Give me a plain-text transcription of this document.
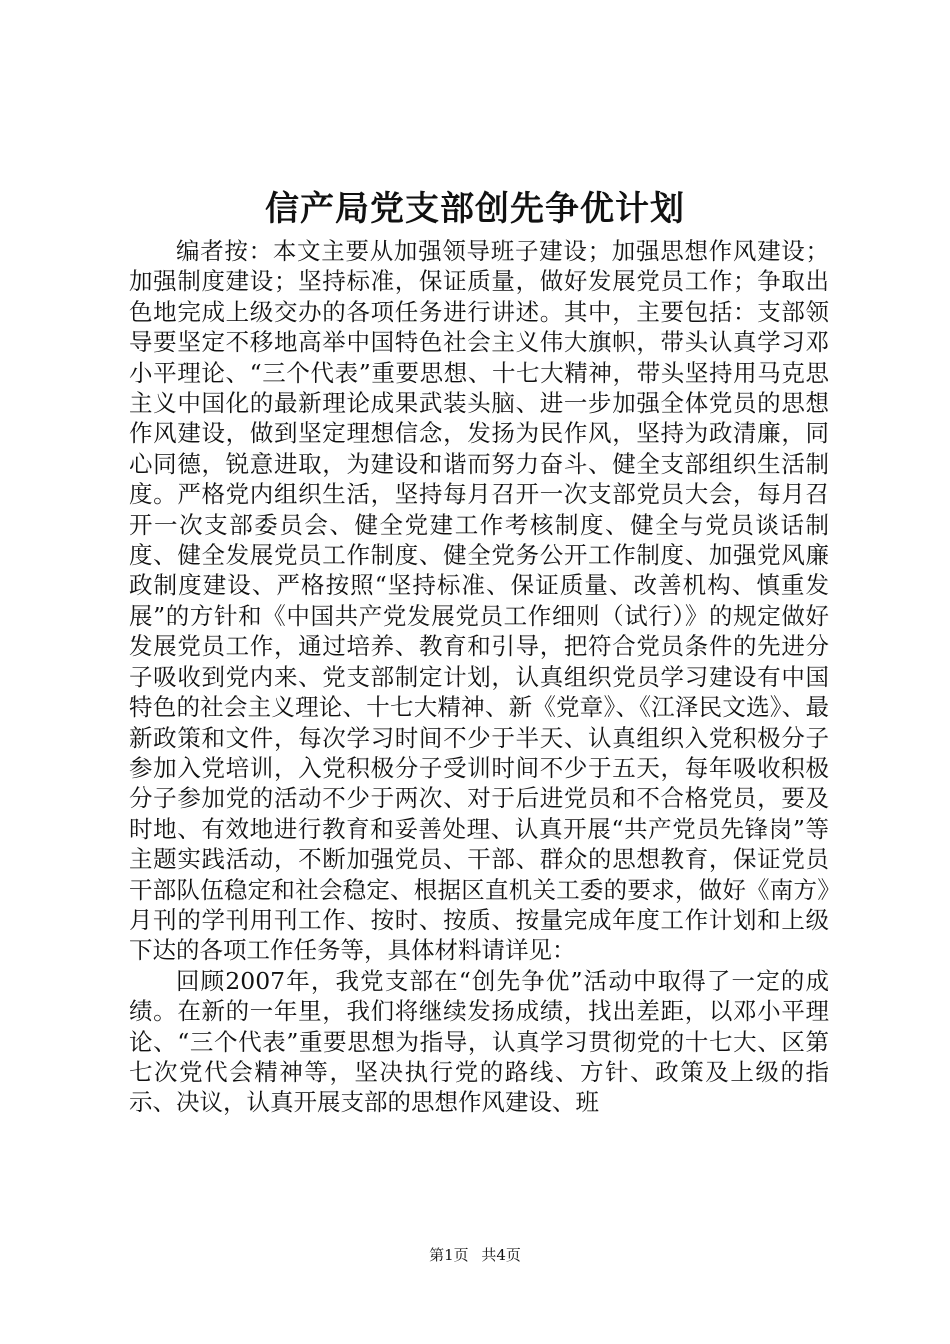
信产局党支部创先争优计划

编者按：本文主要从加强领导班子建设；加强思想作风建设；加强制度建设；坚持标准，保证质量，做好发展党员工作；争取出色地完成上级交办的各项任务进行讲述。其中，主要包括：支部领导要坚定不移地高举中国特色社会主义伟大旗帜，带头认真学习邓小平理论、“三个代表”重要思想、十七大精神，带头坚持用马克思主义中国化的最新理论成果武装头脑、进一步加强全体党员的思想作风建设，做到坚定理想信念，发扬为民作风，坚持为政清廉，同心同德，锐意进取，为建设和谐而努力奋斗、健全支部组织生活制度。严格党内组织生活，坚持每月召开一次支部党员大会，每月召开一次支部委员会、健全党建工作考核制度、健全与党员谈话制度、健全发展党员工作制度、健全党务公开工作制度、加强党风廉政制度建设、严格按照“坚持标准、保证质量、改善机构、慎重发展”的方针和《中国共产党发展党员工作细则（试行）》的规定做好发展党员工作，通过培养、教育和引导，把符合党员条件的先进分子吸收到党内来、党支部制定计划，认真组织党员学习建设有中国特色的社会主义理论、十七大精神、新《党章》、《江泽民文选》、最新政策和文件，每次学习时间不少于半天、认真组织入党积极分子参加入党培训，入党积极分子受训时间不少于五天，每年吸收积极分子参加党的活动不少于两次、对于后进党员和不合格党员，要及时地、有效地进行教育和妥善处理、认真开展“共产党员先锋岗”等主题实践活动，不断加强党员、干部、群众的思想教育，保证党员干部队伍稳定和社会稳定、根据区直机关工委的要求，做好《南方》月刊的学刊用刊工作、按时、按质、按量完成年度工作计划和上级下达的各项工作任务等，具体材料请详见：

回顾2007年，我党支部在“创先争优”活动中取得了一定的成绩。在新的一年里，我们将继续发扬成绩，找出差距，以邓小平理论、“三个代表”重要思想为指导，认真学习贯彻党的十七大、区第七次党代会精神等，坚决执行党的路线、方针、政策及上级的指示、决议，认真开展支部的思想作风建设、班

第1页 共4页
